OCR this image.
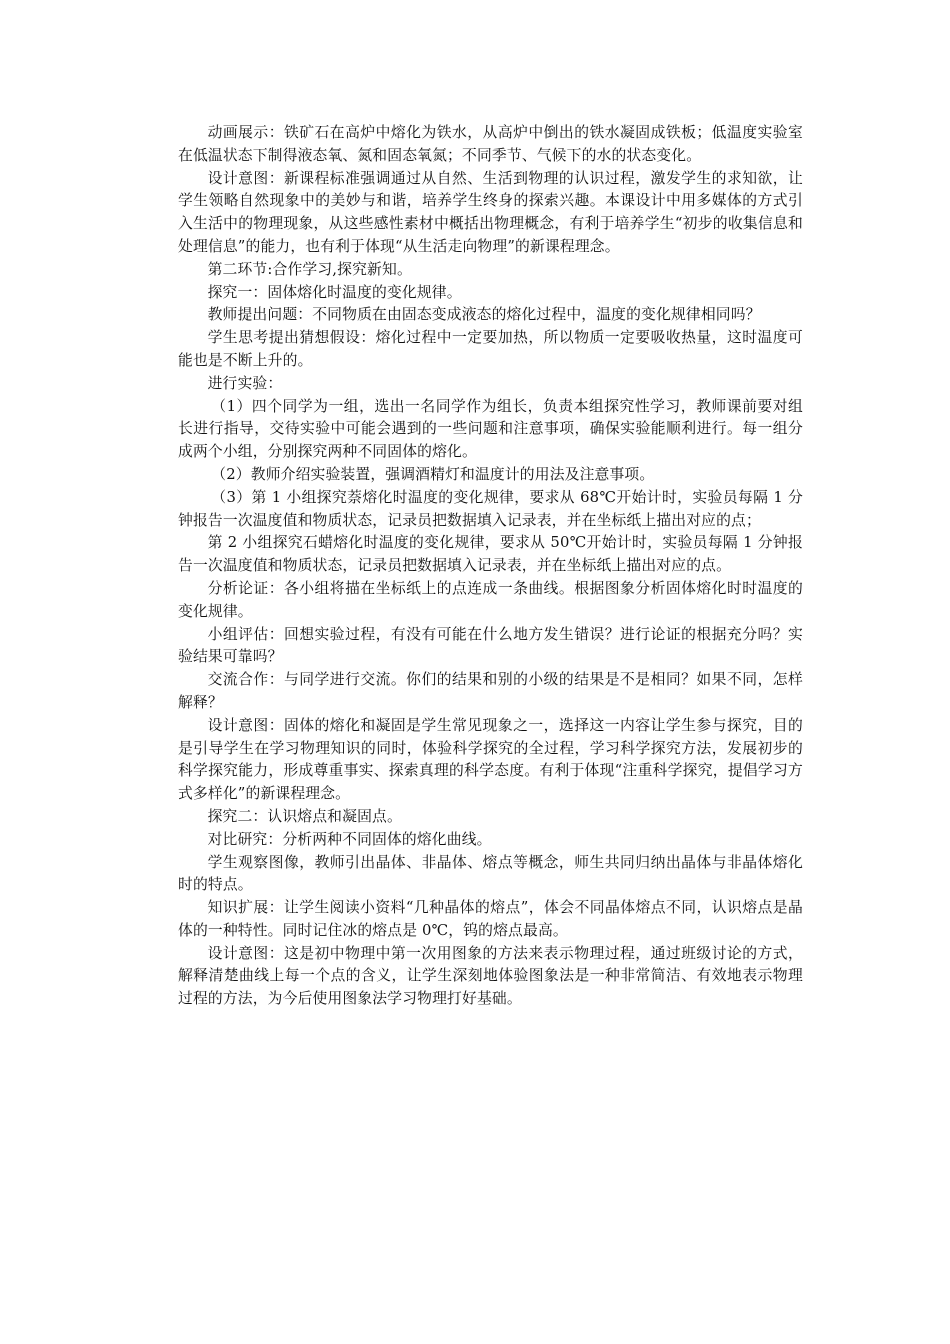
动画展示：铁矿石在高炉中熔化为铁水，从高炉中倒出的铁水凝固成铁板；低温度实验室在低温状态下制得液态氧、氮和固态氧氮；不同季节、气候下的水的状态变化。

设计意图：新课程标准强调通过从自然、生活到物理的认识过程，激发学生的求知欲，让学生领略自然现象中的美妙与和谐，培养学生终身的探索兴趣。本课设计中用多媒体的方式引入生活中的物理现象，从这些感性素材中概括出物理概念，有利于培养学生“初步的收集信息和处理信息”的能力，也有利于体现“从生活走向物理”的新课程理念。

第二环节:合作学习,探究新知。

探究一：固体熔化时温度的变化规律。

教师提出问题：不同物质在由固态变成液态的熔化过程中，温度的变化规律相同吗？

学生思考提出猜想假设：熔化过程中一定要加热，所以物质一定要吸收热量，这时温度可能也是不断上升的。

进行实验：

（1）四个同学为一组，选出一名同学作为组长，负责本组探究性学习，教师课前要对组长进行指导，交待实验中可能会遇到的一些问题和注意事项，确保实验能顺利进行。每一组分成两个小组，分别探究两种不同固体的熔化。

（2）教师介绍实验装置，强调酒精灯和温度计的用法及注意事项。

（3）第 1 小组探究萘熔化时温度的变化规律，要求从 68℃开始计时，实验员每隔 1 分钟报告一次温度值和物质状态，记录员把数据填入记录表，并在坐标纸上描出对应的点；

第 2 小组探究石蜡熔化时温度的变化规律，要求从 50℃开始计时，实验员每隔 1 分钟报告一次温度值和物质状态，记录员把数据填入记录表，并在坐标纸上描出对应的点。

分析论证：各小组将描在坐标纸上的点连成一条曲线。根据图象分析固体熔化时时温度的变化规律。

小组评估：回想实验过程，有没有可能在什么地方发生错误？进行论证的根据充分吗？实验结果可靠吗？

交流合作：与同学进行交流。你们的结果和别的小级的结果是不是相同？如果不同，怎样解释？

设计意图：固体的熔化和凝固是学生常见现象之一，选择这一内容让学生参与探究，目的是引导学生在学习物理知识的同时，体验科学探究的全过程，学习科学探究方法，发展初步的科学探究能力，形成尊重事实、探索真理的科学态度。有利于体现“注重科学探究，提倡学习方式多样化”的新课程理念。

探究二：认识熔点和凝固点。

对比研究：分析两种不同固体的熔化曲线。

学生观察图像，教师引出晶体、非晶体、熔点等概念，师生共同归纳出晶体与非晶体熔化时的特点。

知识扩展：让学生阅读小资料“几种晶体的熔点”，体会不同晶体熔点不同，认识熔点是晶体的一种特性。同时记住冰的熔点是 0℃，钨的熔点最高。

设计意图：这是初中物理中第一次用图象的方法来表示物理过程，通过班级讨论的方式，解释清楚曲线上每一个点的含义，让学生深刻地体验图象法是一种非常简洁、有效地表示物理过程的方法，为今后使用图象法学习物理打好基础。
